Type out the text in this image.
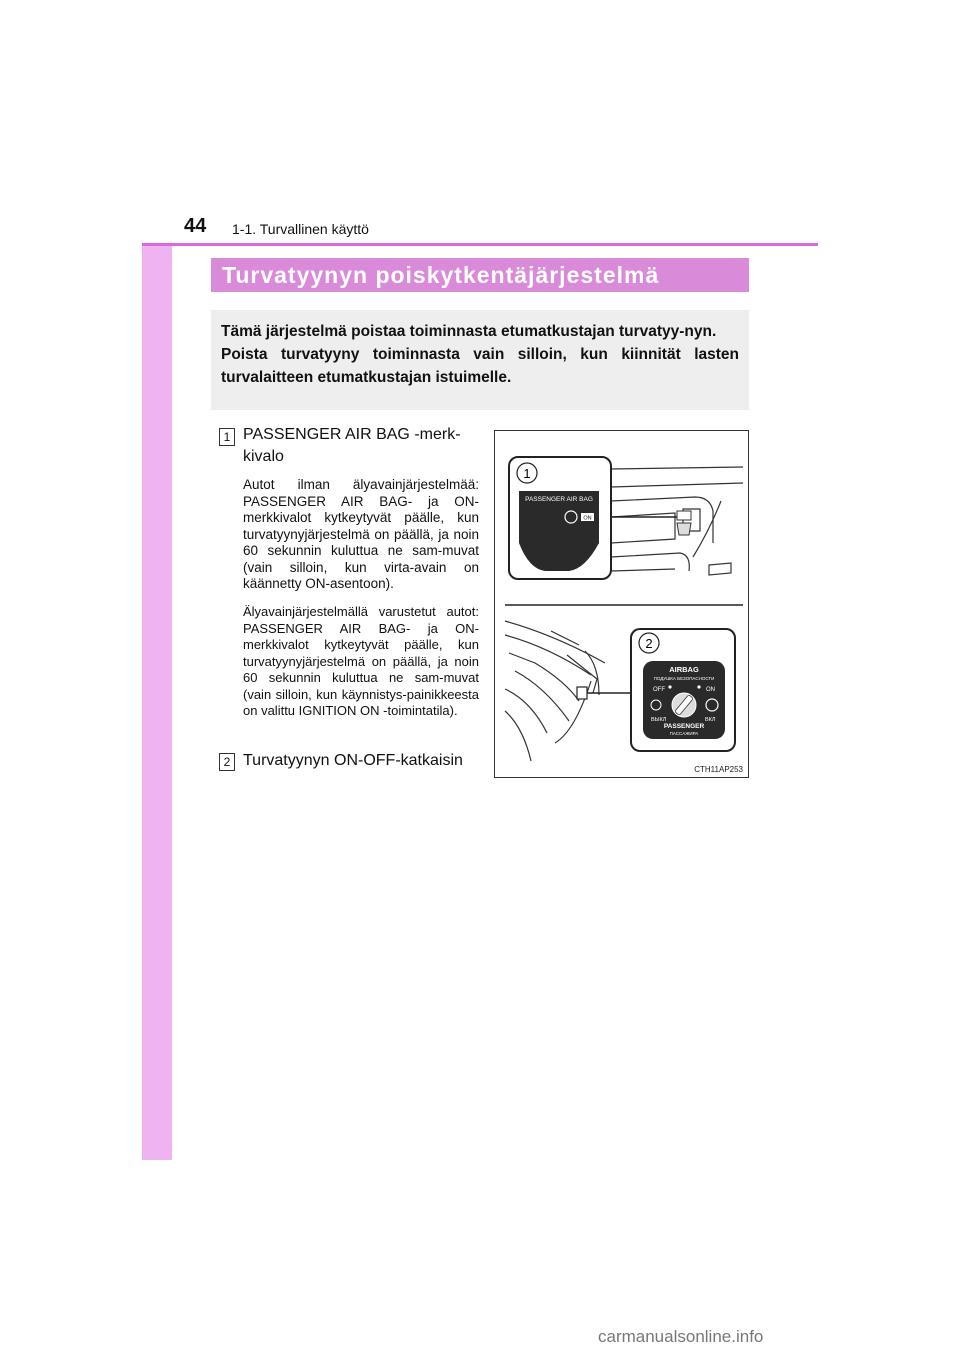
44 1-1. Turvallinen käyttö
Turvatyynyn poiskytkentäjärjestelmä

Tämä järjestelmä poistaa toiminnasta etumatkustajan turvatyy-nyn.

Poista turvatyyny toiminnasta vain silloin, kun kiinnität lasten turvalaitteen etumatkustajan istuimelle.

1 PASSENGER AIR BAG -merk-kivalo
Autot ilman älyavainjärjestelmää: PASSENGER AIR BAG- ja ON-merkkivalot kytkeytyvät päälle, kun turvatyynyjärjestelmä on päällä, ja noin 60 sekunnin kuluttua ne sam-muvat (vain silloin, kun virta-avain on käännetty ON-asentoon).
Älyavainjärjestelmällä varustetut autot: PASSENGER AIR BAG- ja ON- merkkivalot kytkeytyvät päälle, kun turvatyynyjärjestelmä on päällä, ja noin 60 sekunnin kuluttua ne sam-muvat (vain silloin, kun käynnistys-painikkeesta on valittu IGNITION ON -toimintatila).
2 Turvatyynyn ON-OFF-katkaisin
1
PASSENGER AIR BAG
ON
2
AIRBAG
ПОДУШКА БЕЗОПАСНОСТИ
OFF	ON
ВЫКЛ	ВКЛ
PASSENGER
ПАССАЖИРА
CTH11AP253
carmanualsonline.info
